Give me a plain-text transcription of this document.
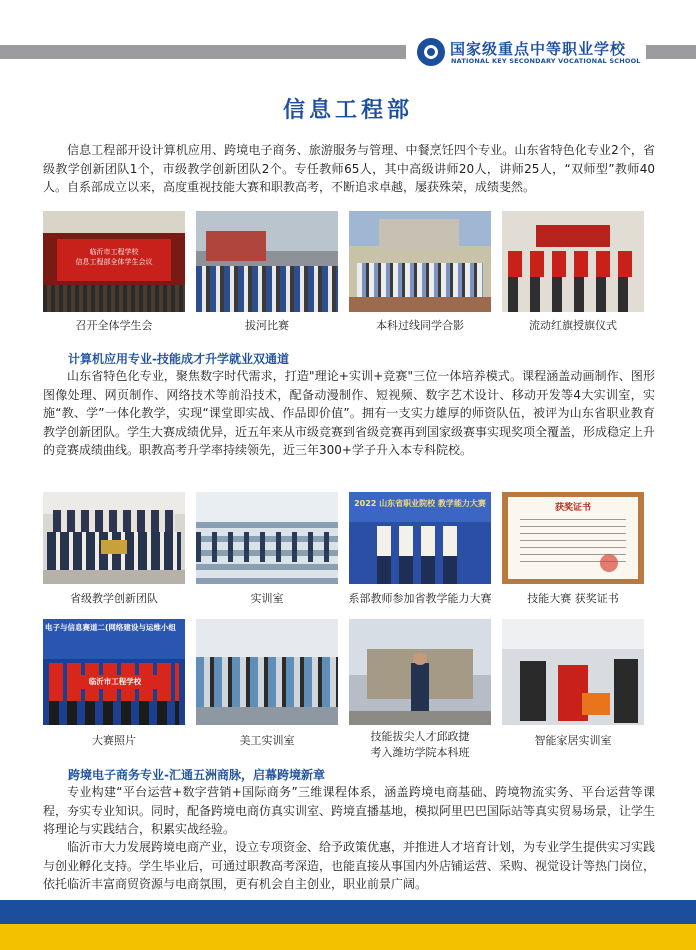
国家级重点中等职业学校
NATIONAL KEY SECONDARY VOCATIONAL SCHOOL
信息工程部
信息工程部开设计算机应用、跨境电子商务、旅游服务与管理、中餐烹饪四个专业。山东省特色化专业2个，省级教学创新团队1个，市级教学创新团队2个。专任教师65人，其中高级讲师20人，讲师25人，“双师型”教师40人。自系部成立以来，高度重视技能大赛和职教高考，不断追求卓越，屡获殊荣，成绩斐然。
临沂市工程学校
信息工程部全体学生会议
召开全体学生会	拔河比赛	本科过线同学合影	流动红旗授旗仪式
计算机应用专业-技能成才升学就业双通道
山东省特色化专业，聚焦数字时代需求，打造"理论+实训+竞赛"三位一体培养模式。课程涵盖动画制作、图形图像处理、网页制作、网络技术等前沿技术，配备动漫制作、短视频、数字艺术设计、移动开发等4大实训室，实施“教、学”一体化教学，实现“课堂即实战、作品即价值”。拥有一支实力雄厚的师资队伍，被评为山东省职业教育教学创新团队。学生大赛成绩优异，近五年来从市级竞赛到省级竞赛再到国家级赛事实现奖项全覆盖，形成稳定上升的竞赛成绩曲线。职教高考升学率持续领先，近三年300+学子升入本专科院校。
2022 山东省职业院校 教学能力大赛	获奖证书
省级教学创新团队	实训室	系部教师参加省教学能力大赛	技能大赛 获奖证书
电子与信息赛道二(网络建设与运维小组
临沂市工程学校
大赛照片	美工实训室	技能拔尖人才邱政捷
考入潍坊学院本科班
智能家居实训室
跨境电子商务专业-汇通五洲商脉，启幕跨境新章
专业构建“平台运营+数字营销+国际商务”三维课程体系，涵盖跨境电商基础、跨境物流实务、平台运营等课程，夯实专业知识。同时，配备跨境电商仿真实训室、跨境直播基地，模拟阿里巴巴国际站等真实贸易场景，让学生将理论与实践结合，积累实战经验。
临沂市大力发展跨境电商产业，设立专项资金、给予政策优惠，并推进人才培育计划，为专业学生提供实习实践与创业孵化支持。学生毕业后，可通过职教高考深造，也能直接从事国内外店铺运营、采购、视觉设计等热门岗位，依托临沂丰富商贸资源与电商氛围，更有机会自主创业，职业前景广阔。
